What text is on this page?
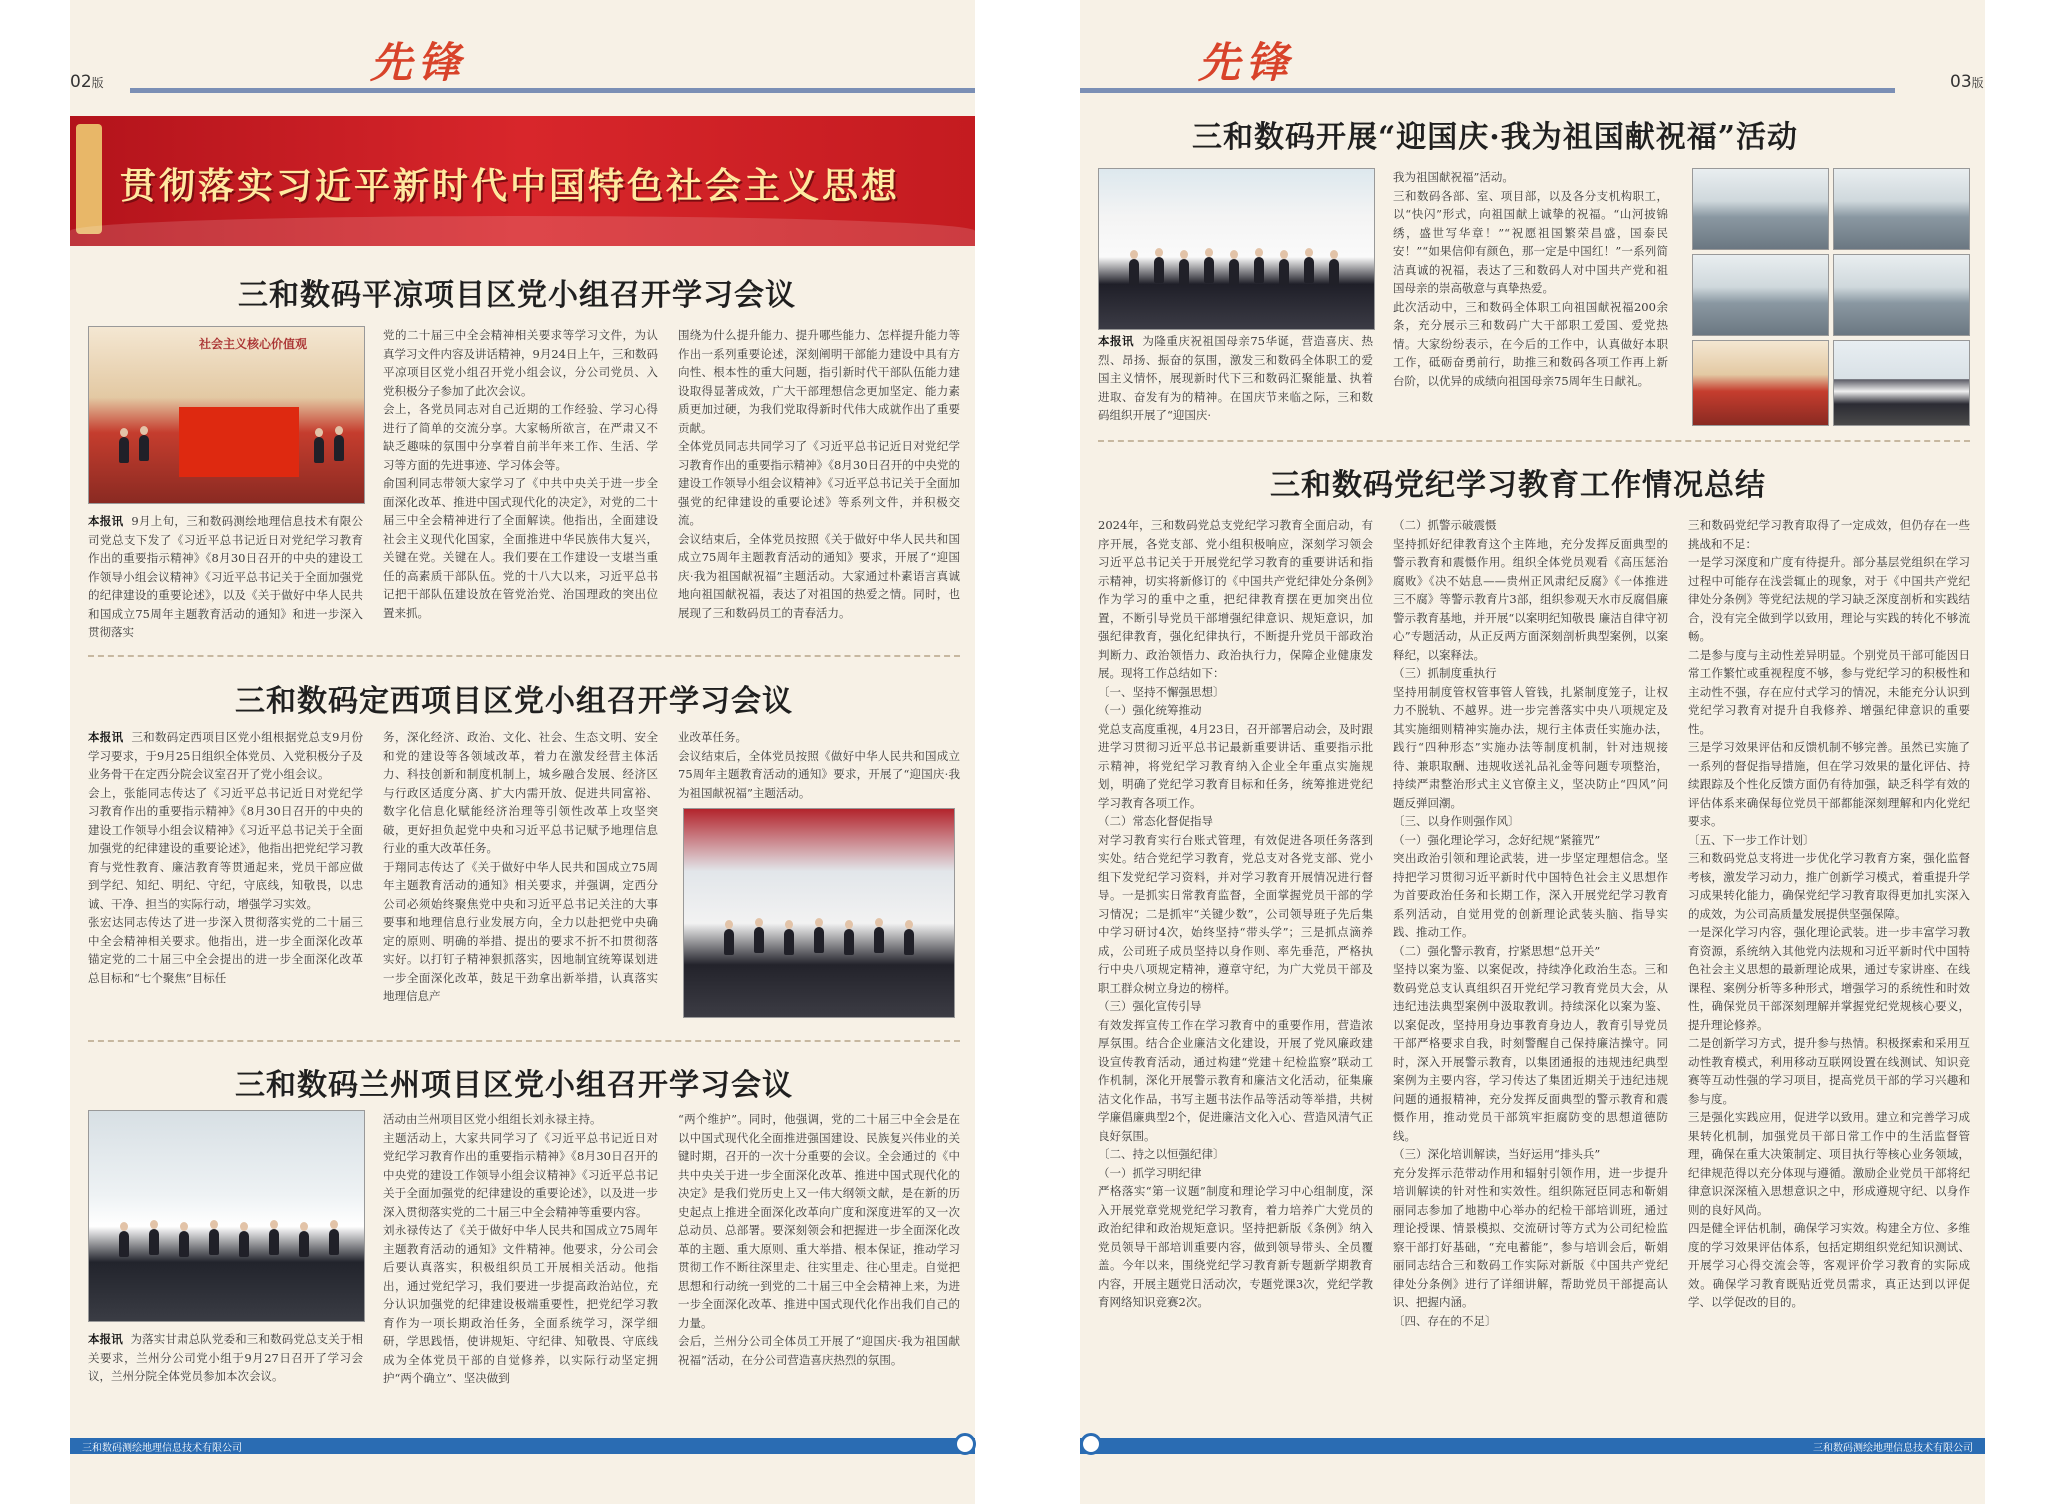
先锋
02版
贯彻落实习近平新时代中国特色社会主义思想
三和数码平凉项目区党小组召开学习会议
社会主义核心价值观
本报讯 9月上旬，三和数码测绘地理信息技术有限公司党总支下发了《习近平总书记近日对党纪学习教育作出的重要指示精神》《8月30日召开的中央的建设工作领导小组会议精神》《习近平总书记关于全面加强党的纪律建设的重要论述》，以及《关于做好中华人民共和国成立75周年主题教育活动的通知》和进一步深入贯彻落实
党的二十届三中全会精神相关要求等学习文件，为认真学习文件内容及讲话精神，9月24日上午，三和数码平凉项目区党小组召开党小组会议，分公司党员、入党积极分子参加了此次会议。
会上，各党员同志对自己近期的工作经验、学习心得进行了简单的交流分享。大家畅所欲言，在严肃又不缺乏趣味的氛围中分享着自前半年来工作、生活、学习等方面的先进事迹、学习体会等。
俞国利同志带领大家学习了《中共中央关于进一步全面深化改革、推进中国式现代化的决定》，对党的二十届三中全会精神进行了全面解读。他指出，全面建设社会主义现代化国家，全面推进中华民族伟大复兴，关键在党。关键在人。我们要在工作建设一支堪当重任的高素质干部队伍。党的十八大以来，习近平总书记把干部队伍建设放在管党治党、治国理政的突出位置来抓。
围绕为什么提升能力、提升哪些能力、怎样提升能力等作出一系列重要论述，深刻阐明干部能力建设中具有方向性、根本性的重大问题，指引新时代干部队伍能力建设取得显著成效，广大干部理想信念更加坚定、能力素质更加过硬，为我们党取得新时代伟大成就作出了重要贡献。
全体党员同志共同学习了《习近平总书记近日对党纪学习教育作出的重要指示精神》《8月30日召开的中央党的建设工作领导小组会议精神》《习近平总书记关于全面加强党的纪律建设的重要论述》等系列文件，并积极交流。
会议结束后，全体党员按照《关于做好中华人民共和国成立75周年主题教育活动的通知》要求，开展了“迎国庆·我为祖国献祝福”主题活动。大家通过朴素语言真诚地向祖国献祝福，表达了对祖国的热爱之情。同时，也展现了三和数码员工的青春活力。
三和数码定西项目区党小组召开学习会议
本报讯 三和数码定西项目区党小组根据党总支9月份学习要求，于9月25日组织全体党员、入党积极分子及业务骨干在定西分院会议室召开了党小组会议。
会上，张能同志传达了《习近平总书记近日对党纪学习教育作出的重要指示精神》《8月30日召开的中央的建设工作领导小组会议精神》《习近平总书记关于全面加强党的纪律建设的重要论述》，他指出把党纪学习教育与党性教育、廉洁教育等贯通起来，党员干部应做到学纪、知纪、明纪、守纪，守底线，知敬畏，以忠诚、干净、担当的实际行动，增强学习实效。
张宏达同志传达了进一步深入贯彻落实党的二十届三中全会精神相关要求。他指出，进一步全面深化改革锚定党的二十届三中全会提出的进一步全面深化改革总目标和“七个聚焦”目标任
务，深化经济、政治、文化、社会、生态文明、安全和党的建设等各领域改革，着力在激发经营主体活力、科技创新和制度机制上，城乡融合发展、经济区与行政区适度分离、扩大内需开放、促进共同富裕、数字化信息化赋能经济治理等引领性改革上攻坚突破，更好担负起党中央和习近平总书记赋予地理信息行业的重大改革任务。
于翔同志传达了《关于做好中华人民共和国成立75周年主题教育活动的通知》相关要求，并强调，定西分公司必须始终聚焦党中央和习近平总书记关注的大事要事和地理信息行业发展方向，全力以赴把党中央确定的原则、明确的举措、提出的要求不折不扣贯彻落实好。以打钉子精神狠抓落实，因地制宜统筹谋划进一步全面深化改革，鼓足干劲拿出新举措，认真落实地理信息产
业改革任务。
会议结束后，全体党员按照《做好中华人民共和国成立75周年主题教育活动的通知》要求，开展了“迎国庆·我为祖国献祝福”主题活动。
三和数码兰州项目区党小组召开学习会议
本报讯 为落实甘肃总队党委和三和数码党总支关于相关要求，兰州分公司党小组于9月27日召开了学习会议，兰州分院全体党员参加本次会议。
活动由兰州项目区党小组组长刘永禄主持。
主题活动上，大家共同学习了《习近平总书记近日对党纪学习教育作出的重要指示精神》《8月30日召开的中央党的建设工作领导小组会议精神》《习近平总书记关于全面加强党的纪律建设的重要论述》，以及进一步深入贯彻落实党的二十届三中全会精神等重要内容。
刘永禄传达了《关于做好中华人民共和国成立75周年主题教育活动的通知》文件精神。他要求，分公司会后要认真落实，积极组织员工开展相关活动。他指出，通过党纪学习，我们要进一步提高政治站位，充分认识加强党的纪律建设极端重要性，把党纪学习教育作为一项长期政治任务，全面系统学习，深学细研，学思践悟，使讲规矩、守纪律、知敬畏、守底线成为全体党员干部的自觉修养，以实际行动坚定拥护“两个确立”、坚决做到
“两个维护”。同时，他强调，党的二十届三中全会是在以中国式现代化全面推进强国建设、民族复兴伟业的关键时期，召开的一次十分重要的会议。全会通过的《中共中央关于进一步全面深化改革、推进中国式现代化的决定》是我们党历史上又一伟大纲领文献，是在新的历史起点上推进全面深化改革向广度和深度进军的又一次总动员、总部署。要深刻领会和把握进一步全面深化改革的主题、重大原则、重大举措、根本保证，推动学习贯彻工作不断往深里走、往实里走、往心里走。自觉把思想和行动统一到党的二十届三中全会精神上来，为进一步全面深化改革、推进中国式现代化作出我们自己的力量。
会后，兰州分公司全体员工开展了“迎国庆·我为祖国献祝福”活动，在分公司营造喜庆热烈的氛围。
三和数码测绘地理信息技术有限公司
先锋	03版
三和数码开展“迎国庆·我为祖国献祝福”活动
本报讯 为隆重庆祝祖国母亲75华诞，营造喜庆、热烈、昂扬、振奋的氛围，激发三和数码全体职工的爱国主义情怀，展现新时代下三和数码汇聚能量、执着进取、奋发有为的精神。在国庆节来临之际，三和数码组织开展了“迎国庆·
我为祖国献祝福”活动。
三和数码各部、室、项目部，以及各分支机构职工，以“快闪”形式，向祖国献上诚挚的祝福。“山河披锦绣，盛世写华章！”“祝愿祖国繁荣昌盛，国泰民安！”“如果信仰有颜色，那一定是中国红！”一系列简洁真诚的祝福，表达了三和数码人对中国共产党和祖国母亲的崇高敬意与真挚热爱。
此次活动中，三和数码全体职工向祖国献祝福200余条，充分展示三和数码广大干部职工爱国、爱党热情。大家纷纷表示，在今后的工作中，认真做好本职工作，砥砺奋勇前行，助推三和数码各项工作再上新台阶，以优异的成绩向祖国母亲75周年生日献礼。
三和数码党纪学习教育工作情况总结
2024年，三和数码党总支党纪学习教育全面启动，有序开展，各党支部、党小组积极响应，深刻学习领会习近平总书记关于开展党纪学习教育的重要讲话和指示精神，切实将新修订的《中国共产党纪律处分条例》作为学习的重中之重，把纪律教育摆在更加突出位置，不断引导党员干部增强纪律意识、规矩意识，加强纪律教育，强化纪律执行，不断提升党员干部政治判断力、政治领悟力、政治执行力，保障企业健康发展。现将工作总结如下：
〔一、坚持不懈强思想〕
（一）强化统筹推动
党总支高度重视，4月23日，召开部署启动会，及时跟进学习贯彻习近平总书记最新重要讲话、重要指示批示精神，将党纪学习教育纳入企业全年重点实施规划，明确了党纪学习教育目标和任务，统筹推进党纪学习教育各项工作。
（二）常态化督促指导
对学习教育实行台账式管理，有效促进各项任务落到实处。结合党纪学习教育，党总支对各党支部、党小组下发党纪学习资料，并对学习教育开展情况进行督导。一是抓实日常教育监督，全面掌握党员干部的学习情况；二是抓牢“关键少数”，公司领导班子先后集中学习研讨4次，始终坚持“带头学”；三是抓点滴养成，公司班子成员坚持以身作则、率先垂范，严格执行中央八项规定精神，遵章守纪，为广大党员干部及职工群众树立身边的榜样。
（三）强化宣传引导
有效发挥宣传工作在学习教育中的重要作用，营造浓厚氛围。结合企业廉洁文化建设，开展了党风廉政建设宣传教育活动，通过构建“党建＋纪检监察”联动工作机制，深化开展警示教育和廉洁文化活动，征集廉洁文化作品，书写主题书法作品等活动等举措，共树学廉倡廉典型2个，促进廉洁文化入心、营造风清气正良好氛围。
〔二、持之以恒强纪律〕
（一）抓学习明纪律
严格落实“第一议题”制度和理论学习中心组制度，深入开展党章党规党纪学习教育，着力培养广大党员的政治纪律和政治规矩意识。坚持把新版《条例》纳入党员领导干部培训重要内容，做到领导带头、全员覆盖。今年以来，围绕党纪学习教育新专题新学期教育内容，开展主题党日活动次，专题党课3次，党纪学教育网络知识竞赛2次。
（二）抓警示破震慑
坚持抓好纪律教育这个主阵地，充分发挥反面典型的警示教育和震慑作用。组织全体党员观看《高压惩治腐败》《决不姑息——贵州正风肃纪反腐》《一体推进三不腐》等警示教育片3部，组织参观天水市反腐倡廉警示教育基地，并开展“以案明纪知敬畏 廉洁自律守初心”专题活动，从正反两方面深刻剖析典型案例，以案释纪，以案释法。
（三）抓制度重执行
坚持用制度管权管事管人管钱，扎紧制度笼子，让权力不脱轨、不越界。进一步完善落实中央八项规定及其实施细则精神实施办法，规行主体责任实施办法，践行“四种形态”实施办法等制度机制，针对违规接待、兼职取酬、违规收送礼品礼金等问题专项整治，持续严肃整治形式主义官僚主义，坚决防止“四风”问题反弹回潮。
〔三、以身作则强作风〕
（一）强化理论学习，念好纪规“紧箍咒”
突出政治引领和理论武装，进一步坚定理想信念。坚持把学习贯彻习近平新时代中国特色社会主义思想作为首要政治任务和长期工作，深入开展党纪学习教育系列活动，自觉用党的创新理论武装头脑、指导实践、推动工作。
（二）强化警示教育，拧紧思想“总开关”
坚持以案为鉴、以案促改，持续净化政治生态。三和数码党总支认真组织召开党纪学习教育党员大会，从违纪违法典型案例中汲取教训。持续深化以案为鉴、以案促改，坚持用身边事教育身边人，教育引导党员干部严格要求自我，时刻警醒自己保持廉洁操守。同时，深入开展警示教育，以集团通报的违规违纪典型案例为主要内容，学习传达了集团近期关于违纪违规问题的通报精神，充分发挥反面典型的警示教育和震慑作用，推动党员干部筑牢拒腐防变的思想道德防线。
（三）深化培训解读，当好运用“排头兵”
充分发挥示范带动作用和辐射引领作用，进一步提升培训解读的针对性和实效性。组织陈冠臣同志和靳娟丽同志参加了地勘中心举办的纪检干部培训班，通过理论授课、情景模拟、交流研讨等方式为公司纪检监察干部打好基础，“充电蓄能”，参与培训会后，靳娟丽同志结合三和数码工作实际对新版《中国共产党纪律处分条例》进行了详细讲解，帮助党员干部提高认识、把握内涵。
〔四、存在的不足〕
三和数码党纪学习教育取得了一定成效，但仍存在一些挑战和不足：
一是学习深度和广度有待提升。部分基层党组织在学习过程中可能存在浅尝辄止的现象，对于《中国共产党纪律处分条例》等党纪法规的学习缺乏深度剖析和实践结合，没有完全做到学以致用，理论与实践的转化不够流畅。
二是参与度与主动性差异明显。个别党员干部可能因日常工作繁忙或重视程度不够，参与党纪学习的积极性和主动性不强，存在应付式学习的情况，未能充分认识到党纪学习教育对提升自我修养、增强纪律意识的重要性。
三是学习效果评估和反馈机制不够完善。虽然已实施了一系列的督促指导措施，但在学习效果的量化评估、持续跟踪及个性化反馈方面仍有待加强，缺乏科学有效的评估体系来确保每位党员干部都能深刻理解和内化党纪要求。
〔五、下一步工作计划〕
三和数码党总支将进一步优化学习教育方案，强化监督考核，激发学习动力，推广创新学习模式，着重提升学习成果转化能力，确保党纪学习教育取得更加扎实深入的成效，为公司高质量发展提供坚强保障。
一是深化学习内容，强化理论武装。进一步丰富学习教育资源，系统纳入其他党内法规和习近平新时代中国特色社会主义思想的最新理论成果，通过专家讲座、在线课程、案例分析等多种形式，增强学习的系统性和时效性，确保党员干部深刻理解并掌握党纪党规核心要义，提升理论修养。
二是创新学习方式，提升参与热情。积极探索和采用互动性教育模式，利用移动互联网设置在线测试、知识竞赛等互动性强的学习项目，提高党员干部的学习兴趣和参与度。
三是强化实践应用，促进学以致用。建立和完善学习成果转化机制，加强党员干部日常工作中的生活监督管理，确保在重大决策制定、项目执行等核心业务领域，纪律规范得以充分体现与遵循。激励企业党员干部将纪律意识深深植入思想意识之中，形成遵规守纪、以身作则的良好风尚。
四是健全评估机制，确保学习实效。构建全方位、多维度的学习效果评估体系，包括定期组织党纪知识测试、开展学习心得交流会等，客观评价学习教育的实际成效。确保学习教育既贴近党员需求，真正达到以评促学、以学促改的目的。
三和数码测绘地理信息技术有限公司
